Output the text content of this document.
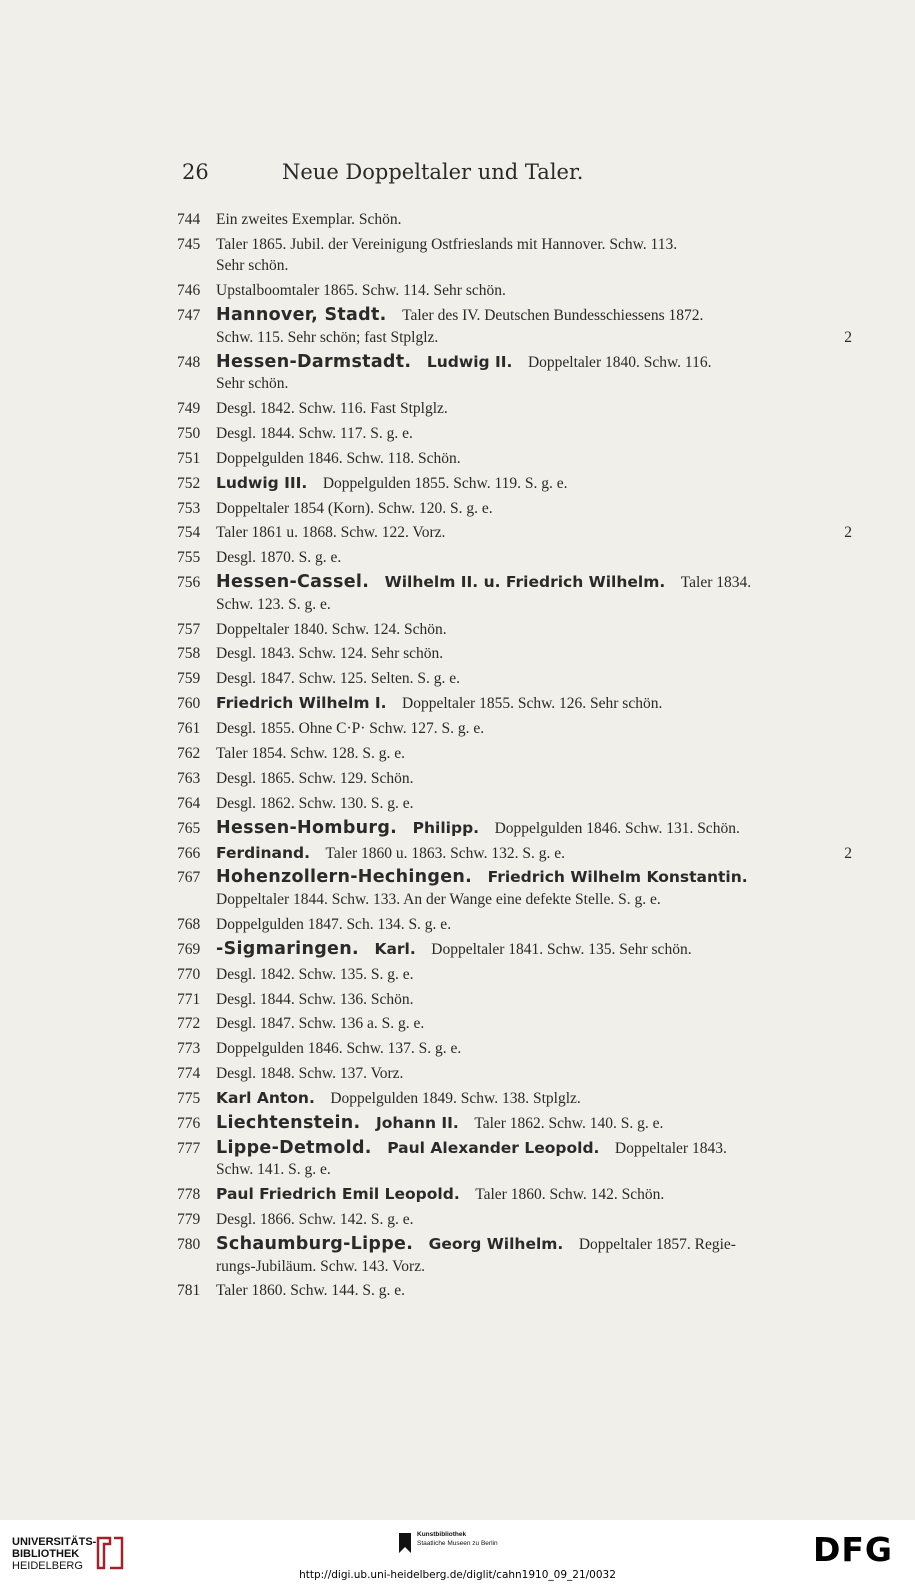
26	Neue Doppeltaler und Taler.
744 Ein zweites Exemplar. Schön.
745 Taler 1865. Jubil. der Vereinigung Ostfrieslands mit Hannover. Schw. 113.
Sehr schön.
746 Upstalboomtaler 1865. Schw. 114. Sehr schön.
747 Hannover, Stadt.  Taler des IV. Deutschen Bundesschiessens 1872.
Schw. 115. Sehr schön; fast Stplglz.	2
748 Hessen-Darmstadt.  Ludwig II.  Doppeltaler 1840. Schw. 116.
Sehr schön.
749 Desgl. 1842. Schw. 116. Fast Stplglz.
750 Desgl. 1844. Schw. 117. S. g. e.
751 Doppelgulden 1846. Schw. 118. Schön.
752 Ludwig III.  Doppelgulden 1855. Schw. 119. S. g. e.
753 Doppeltaler 1854 (Korn). Schw. 120. S. g. e.
754 Taler 1861 u. 1868. Schw. 122. Vorz.	2
755 Desgl. 1870. S. g. e.
756 Hessen-Cassel.  Wilhelm II. u. Friedrich Wilhelm.  Taler 1834.
Schw. 123. S. g. e.
757 Doppeltaler 1840. Schw. 124. Schön.
758 Desgl. 1843. Schw. 124. Sehr schön.
759 Desgl. 1847. Schw. 125. Selten. S. g. e.
760 Friedrich Wilhelm I.  Doppeltaler 1855. Schw. 126. Sehr schön.
761 Desgl. 1855. Ohne C·P· Schw. 127. S. g. e.
762 Taler 1854. Schw. 128. S. g. e.
763 Desgl. 1865. Schw. 129. Schön.
764 Desgl. 1862. Schw. 130. S. g. e.
765 Hessen-Homburg.  Philipp.  Doppelgulden 1846. Schw. 131. Schön.
766 Ferdinand.  Taler 1860 u. 1863. Schw. 132. S. g. e.	2
767 Hohenzollern-Hechingen.  Friedrich Wilhelm Konstantin. 
Doppeltaler 1844. Schw. 133. An der Wange eine defekte Stelle. S. g. e.
768 Doppelgulden 1847. Sch. 134. S. g. e.
769 -Sigmaringen.  Karl.  Doppeltaler 1841. Schw. 135. Sehr schön.
770 Desgl. 1842. Schw. 135. S. g. e.
771 Desgl. 1844. Schw. 136. Schön.
772 Desgl. 1847. Schw. 136 a. S. g. e.
773 Doppelgulden 1846. Schw. 137. S. g. e.
774 Desgl. 1848. Schw. 137. Vorz.
775 Karl Anton.  Doppelgulden 1849. Schw. 138. Stplglz.
776 Liechtenstein.  Johann II.  Taler 1862. Schw. 140. S. g. e.
777 Lippe-Detmold.  Paul Alexander Leopold.  Doppeltaler 1843.
Schw. 141. S. g. e.
778 Paul Friedrich Emil Leopold.  Taler 1860. Schw. 142. Schön.
779 Desgl. 1866. Schw. 142. S. g. e.
780 Schaumburg-Lippe.  Georg Wilhelm.  Doppeltaler 1857. Regie-
rungs-Jubiläum. Schw. 143. Vorz.
781 Taler 1860. Schw. 144. S. g. e.
UNIVERSITÄTS-
BIBLIOTHEK
HEIDELBERG
Kunstbibliothek
Staatliche Museen zu Berlin	DFG
http://digi.ub.uni-heidelberg.de/diglit/cahn1910_09_21/0032
